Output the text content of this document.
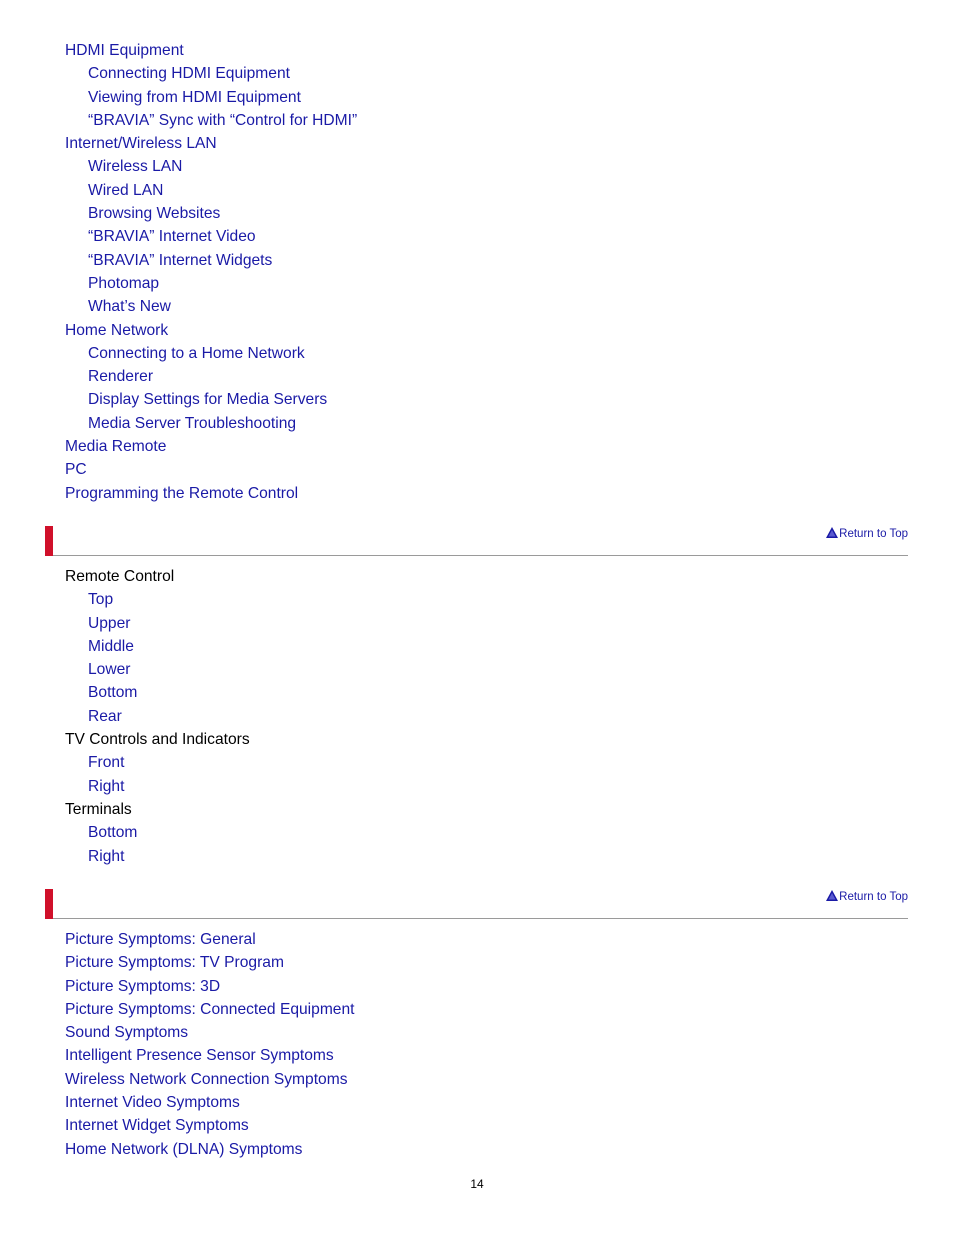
HDMI Equipment
Connecting HDMI Equipment
Viewing from HDMI Equipment
“BRAVIA” Sync with “Control for HDMI”
Internet/Wireless LAN
Wireless LAN
Wired LAN
Browsing Websites
“BRAVIA” Internet Video
“BRAVIA” Internet Widgets
Photomap
What’s New
Home Network
Connecting to a Home Network
Renderer
Display Settings for Media Servers
Media Server Troubleshooting
Media Remote
PC
Programming the Remote Control
Return to Top
Remote Control
Top
Upper
Middle
Lower
Bottom
Rear
TV Controls and Indicators
Front
Right
Terminals
Bottom
Right
Return to Top
Picture Symptoms: General
Picture Symptoms: TV Program
Picture Symptoms: 3D
Picture Symptoms: Connected Equipment
Sound Symptoms
Intelligent Presence Sensor Symptoms
Wireless Network Connection Symptoms
Internet Video Symptoms
Internet Widget Symptoms
Home Network (DLNA) Symptoms
14
